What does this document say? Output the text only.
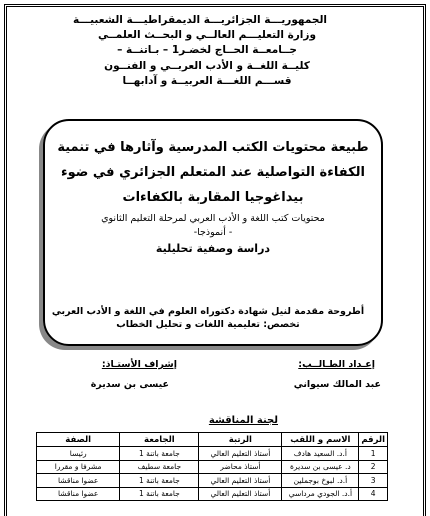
الجمهوريـــة الجزائريـــة الديمقراطيـــة الشعبيـــة
وزارة التعليـــم العالــي و البحــث العلمــي
جــامعــة الحــاج لخضـر1 – بـاتنــة –
كليــة اللغــة و الأدب العربــي و الفنــون
قســـم اللغـــة العربيــة و آدابهــا
طبيعة محتويات الكتب المدرسية وآثارها في تنمية
الكفاءة التواصلية عند المتعلم الجزائري في ضوء
بيداغوجيا المقاربة بالكفاءات
محتويات كتب اللغة و الأدب العربي لمرحلة التعليم الثانوي
- أنموذجا-
دراسة وصفية تحليلية
أطروحة مقدمة لنيل شهادة دكتوراه العلوم في اللغة و الأدب العربي
تخصص: تعليمية اللغات و تحليل الخطاب
إعـداد الطـالــب:
إشراف الأستـاذ:
عبد المالك سيواني
عيسى بن سديرة
لجنة المناقشة
الرقم	الاسم و اللقب	الرتبة	الجامعة	الصفة
1	أ.د. السعيد هادف	أستاذ التعليم العالي	جامعة باتنة 1	رئيسا
2	د. عيسى بن سديرة	أستاذ محاضر	جامعة سطيف	مشرفا و مقررا
3	أ.د. لبوخ بوجملين	أستاذ التعليم العالي	جامعة باتنة 1	عضوا مناقشا
4	أ.د. الجودي مرداسي	أستاذ التعليم العالي	جامعة باتنة 1	عضوا مناقشا
